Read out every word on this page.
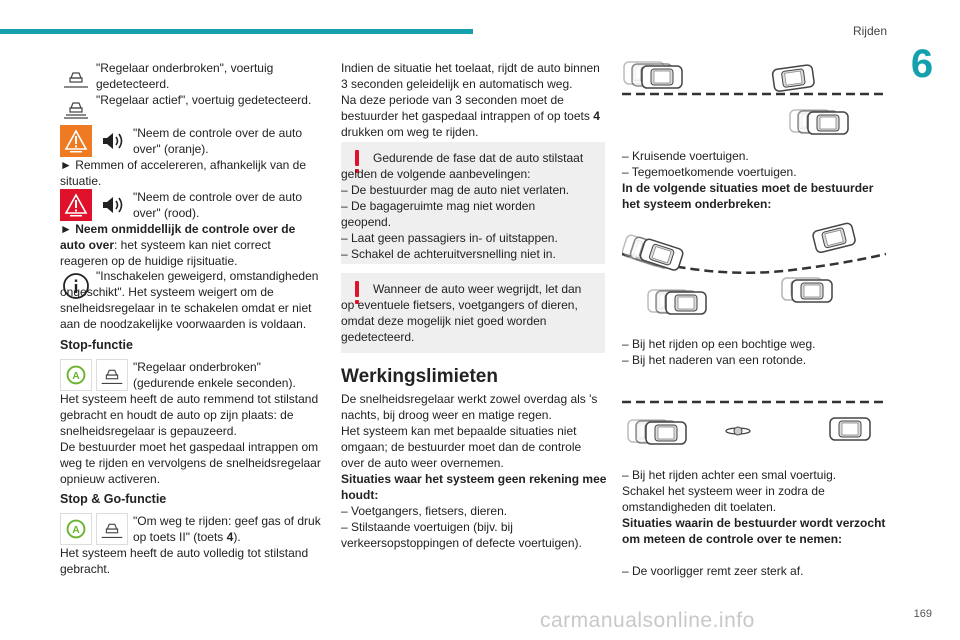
Rijden
6

"Regelaar onderbroken", voertuig gedetecteerd.

"Regelaar actief", voertuig gedetecteerd.

"Neem de controle over de auto over" (oranje).

► Remmen of accelereren, afhankelijk van de situatie.

"Neem de controle over de auto over" (rood).

► Neem onmiddellijk de controle over de auto over: het systeem kan niet correct reageren op de huidige rijsituatie.

"Inschakelen geweigerd, omstandigheden ongeschikt". Het systeem weigert om de snelheidsregelaar in te schakelen omdat er niet aan de noodzakelijke voorwaarden is voldaan.

Stop-functie
A

"Regelaar onderbroken" (gedurende enkele seconden).

Het systeem heeft de auto remmend tot stilstand gebracht en houdt de auto op zijn plaats: de snelheidsregelaar is gepauzeerd.
De bestuurder moet het gaspedaal intrappen om weg te rijden en vervolgens de snelheidsregelaar opnieuw activeren.

Stop & Go-functie
A

"Om weg te rijden: geef gas of druk op toets II" (toets 4).

Het systeem heeft de auto volledig tot stilstand gebracht.

Indien de situatie het toelaat, rijdt de auto binnen 3 seconden geleidelijk en automatisch weg.
Na deze periode van 3 seconden moet de bestuurder het gaspedaal intrappen of op toets 4 drukken om weg te rijden.

Gedurende de fase dat de auto stilstaat gelden de volgende aanbevelingen:
– De bestuurder mag de auto niet verlaten.
– De bagageruimte mag niet worden geopend.
– Laat geen passagiers in- of uitstappen.
– Schakel de achteruitversnelling niet in.

Wanneer de auto weer wegrijdt, let dan op eventuele fietsers, voetgangers of dieren, omdat deze mogelijk niet goed worden gedetecteerd.

Werkingslimieten

De snelheidsregelaar werkt zowel overdag als 's nachts, bij droog weer en matige regen.
Het systeem kan met bepaalde situaties niet omgaan; de bestuurder moet dan de controle over de auto weer overnemen.

Situaties waar het systeem geen rekening mee houdt:

– Voetgangers, fietsers, dieren.
– Stilstaande voertuigen (bijv. bij verkeersopstoppingen of defecte voertuigen).

– Kruisende voertuigen.
– Tegemoetkomende voertuigen.

In de volgende situaties moet de bestuurder het systeem onderbreken:

– Bij het rijden op een bochtige weg.
– Bij het naderen van een rotonde.

– Bij het rijden achter een smal voertuig.
Schakel het systeem weer in zodra de omstandigheden dit toelaten.

Situaties waarin de bestuurder wordt verzocht om meteen de controle over te nemen:

– De voorligger remt zeer sterk af.

carmanualsonline.info	169
